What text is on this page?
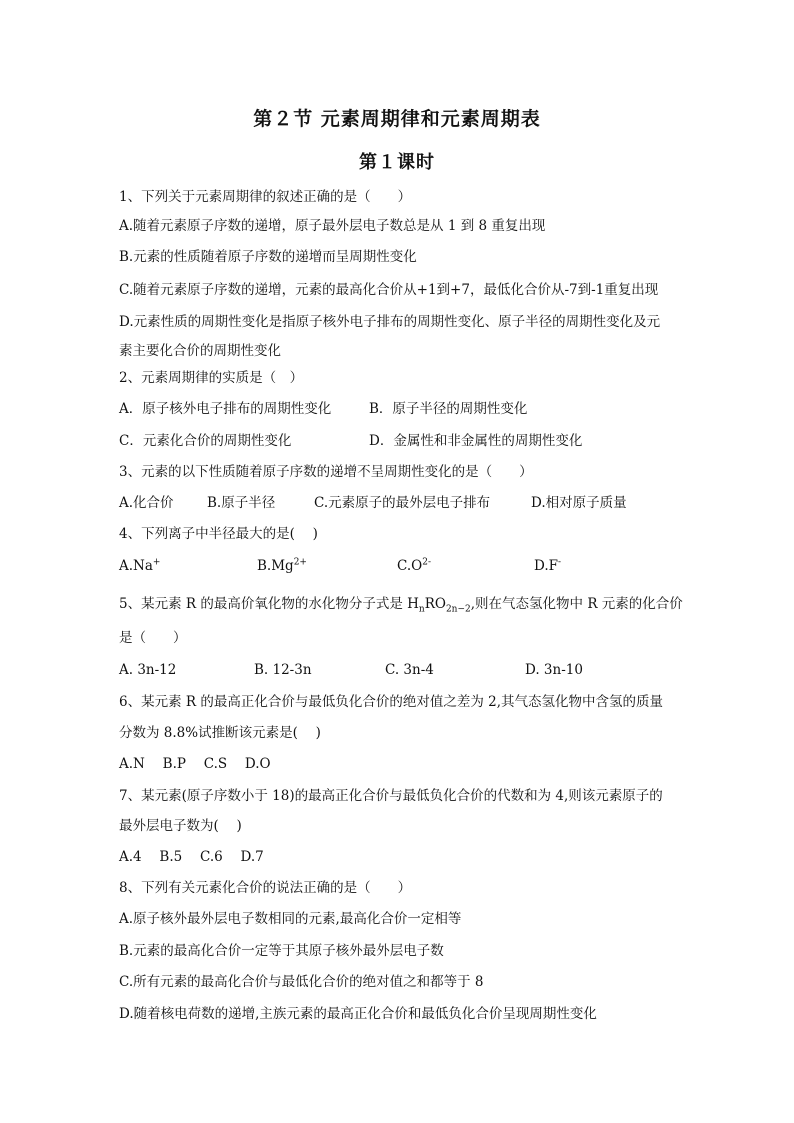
第２节 元素周期律和元素周期表
第１课时
1、下列关于元素周期律的叙述正确的是（　　）
A.随着元素原子序数的递增，原子最外层电子数总是从 1 到 8 重复出现
B.元素的性质随着原子序数的递增而呈周期性变化
C.随着元素原子序数的递增，元素的最高化合价从+1到+7，最低化合价从-7到-1重复出现
D.元素性质的周期性变化是指原子核外电子排布的周期性变化、原子半径的周期性变化及元
素主要化合价的周期性变化
2、元素周期律的实质是（　）
A．原子核外电子排布的周期性变化	B．原子半径的周期性变化
C．元素化合价的周期性变化	D．金属性和非金属性的周期性变化
3、元素的以下性质随着原子序数的递增不呈周期性变化的是（　　）
A.化合价 B.原子半径	C.元素原子的最外层电子排布	D.相对原子质量
4、下列离子中半径最大的是(　 )
A.Na+	$B.Mg^{2+}$	$C.O^{2-}$	D.F-
5、某元素 R 的最高价氧化物的水化物分子式是 $H_nRO_{2n-2}$,则在气态氢化物中 R 元素的化合价
是（　　）
A. 3n-12	B. 12-3n	C. 3n-4	D. 3n-10
6、某元素 R 的最高正化合价与最低负化合价的绝对值之差为 2,其气态氢化物中含氢的质量
分数为 8.8%试推断该元素是(　 )
A.N　 B.P　 C.S　 D.O
7、某元素(原子序数小于 18)的最高正化合价与最低负化合价的代数和为 4,则该元素原子的
最外层电子数为(　 )
A.4　 B.5　 C.6　 D.7
8、下列有关元素化合价的说法正确的是（　　）
A.原子核外最外层电子数相同的元素,最高化合价一定相等
B.元素的最高化合价一定等于其原子核外最外层电子数
C.所有元素的最高化合价与最低化合价的绝对值之和都等于 8
D.随着核电荷数的递增,主族元素的最高正化合价和最低负化合价呈现周期性变化
